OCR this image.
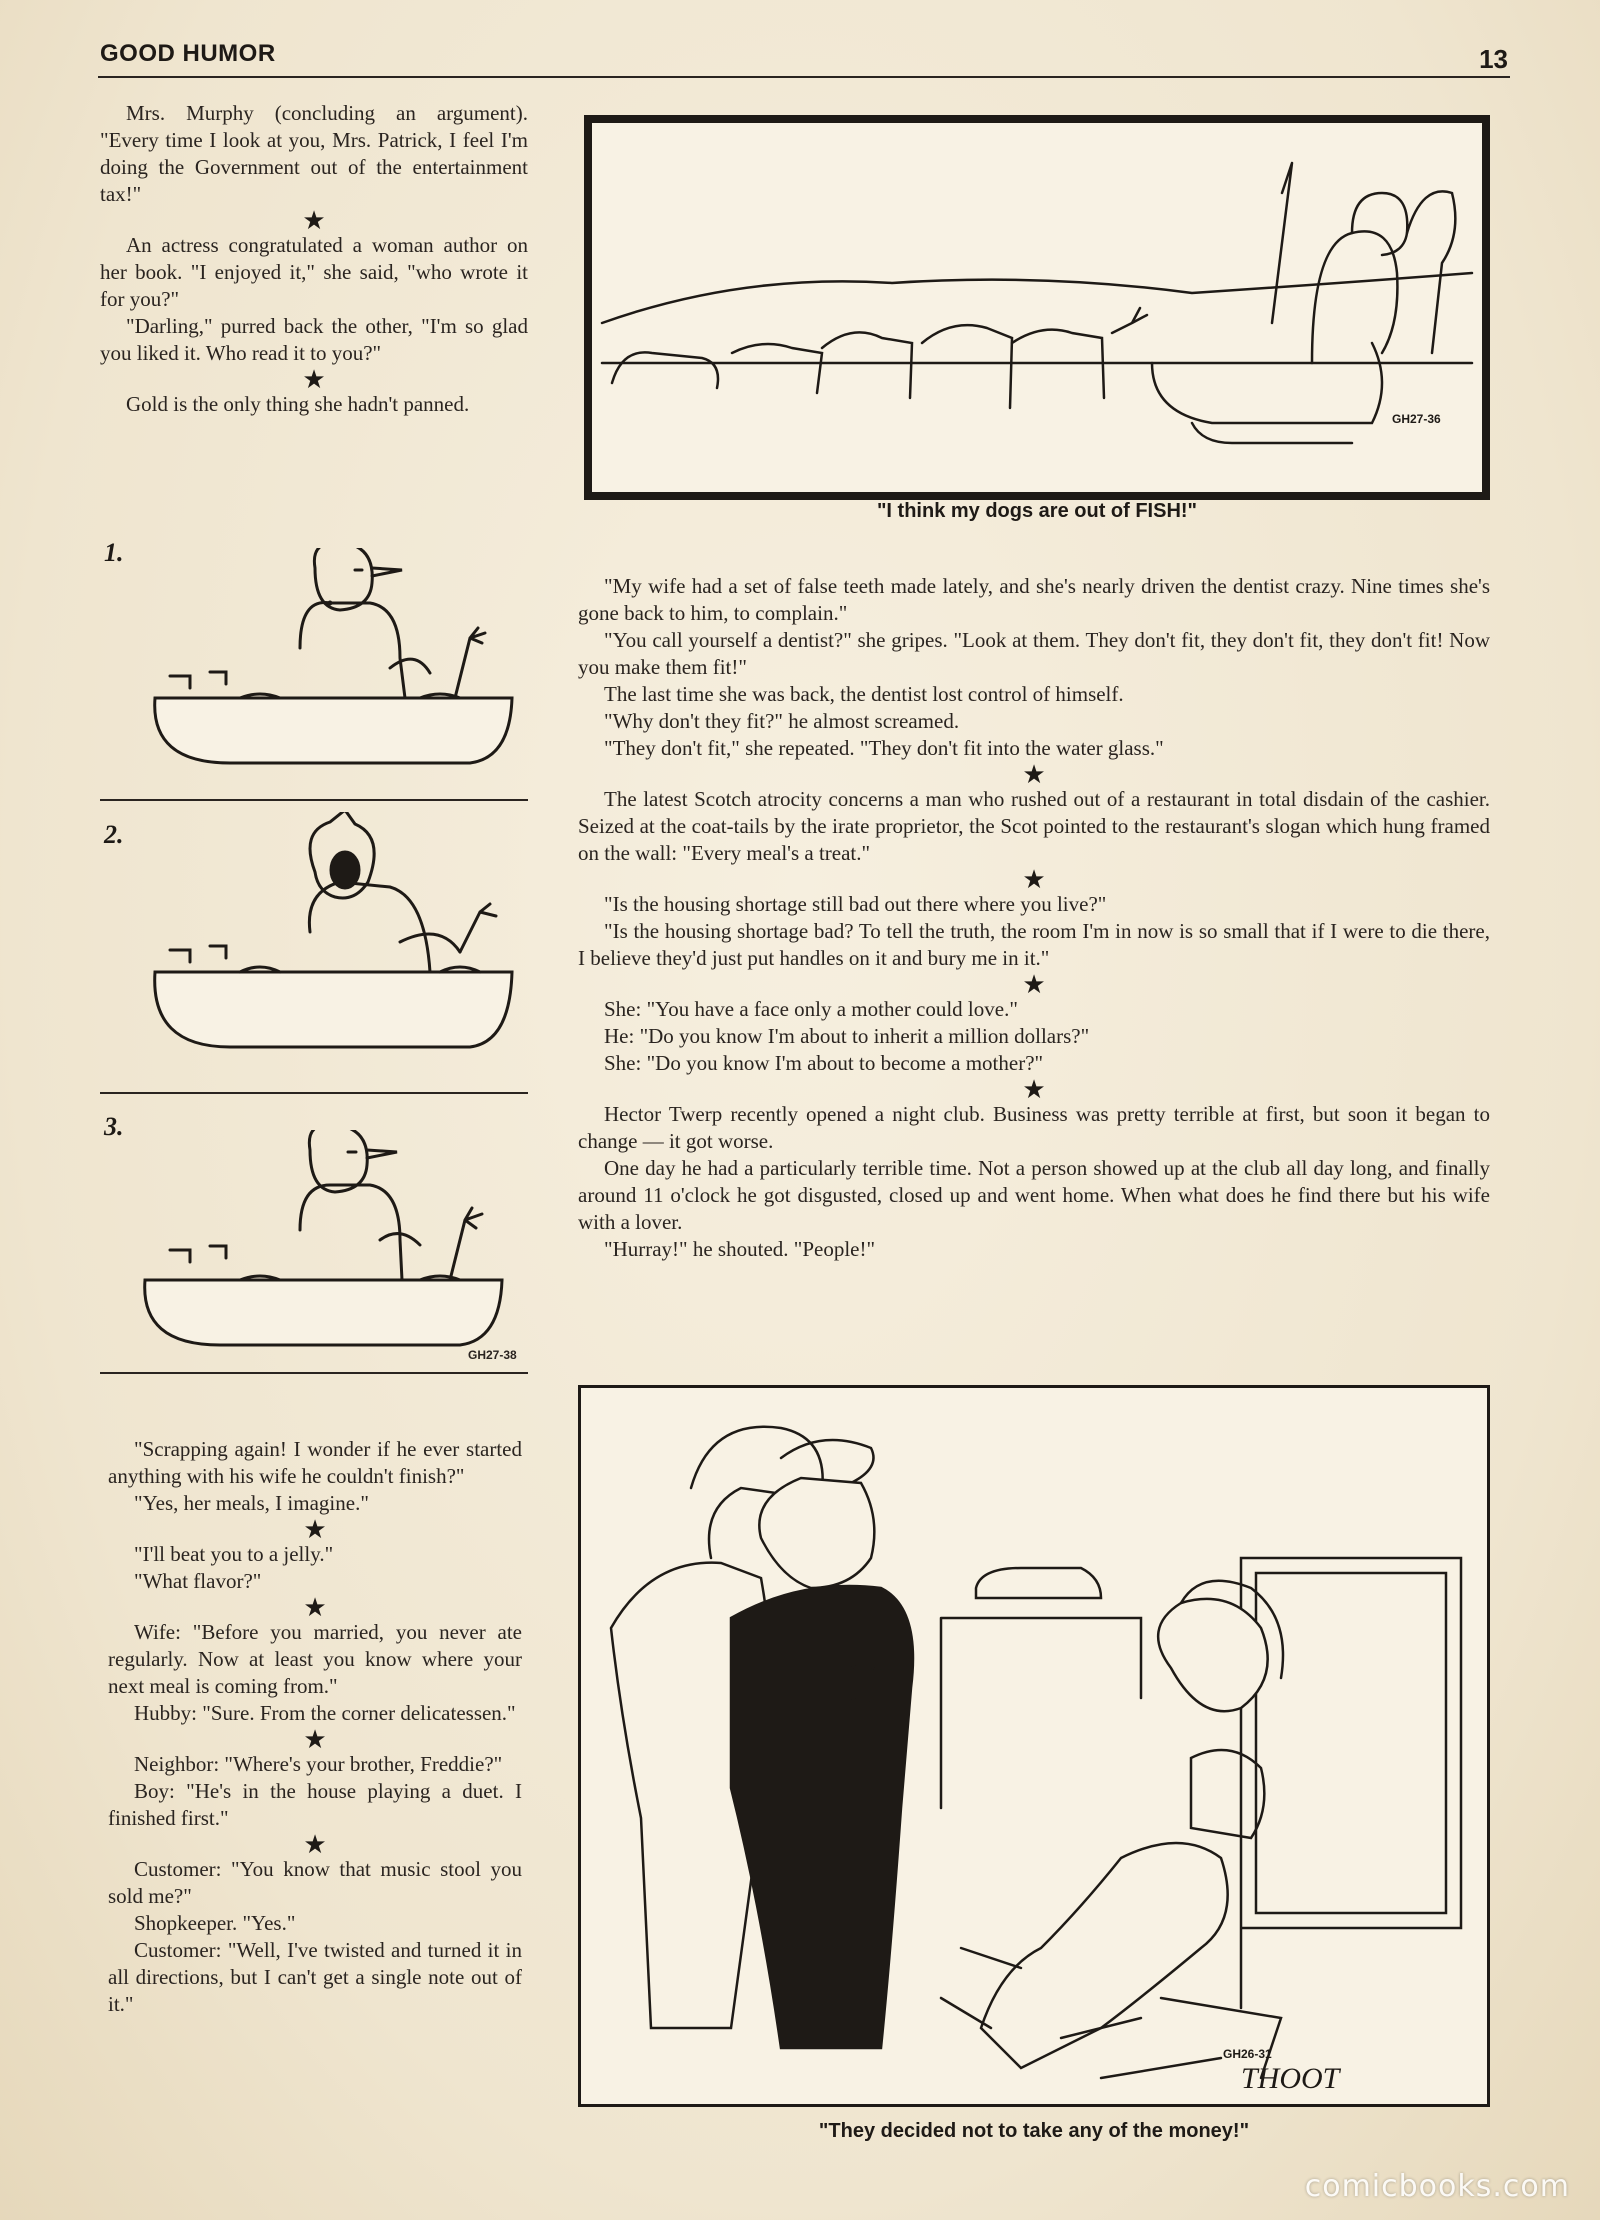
GOOD HUMOR	13

Mrs. Murphy (concluding an argument). "Every time I look at you, Mrs. Patrick, I feel I'm doing the Government out of the entertainment tax!"

★

An actress congratulated a woman author on her book. "I enjoyed it," she said, "who wrote it for you?"

"Darling," purred back the other, "I'm so glad you liked it. Who read it to you?"

★

Gold is the only thing she hadn't panned.

1.
2.
3.
GH27-38

"Scrapping again! I wonder if he ever started anything with his wife he couldn't finish?"

"Yes, her meals, I imagine."

★

"I'll beat you to a jelly."

"What flavor?"

★

Wife: "Before you married, you never ate regularly. Now at least you know where your next meal is coming from."

Hubby: "Sure. From the corner delicatessen."

★

Neighbor: "Where's your brother, Freddie?"

Boy: "He's in the house playing a duet. I finished first."

★

Customer: "You know that music stool you sold me?"

Shopkeeper. "Yes."

Customer: "Well, I've twisted and turned it in all directions, but I can't get a single note out of it."

GH27-36
"I think my dogs are out of FISH!"

"My wife had a set of false teeth made lately, and she's nearly driven the dentist crazy. Nine times she's gone back to him, to complain."

"You call yourself a dentist?" she gripes. "Look at them. They don't fit, they don't fit, they don't fit! Now you make them fit!"

The last time she was back, the dentist lost control of himself.

"Why don't they fit?" he almost screamed.

"They don't fit," she repeated. "They don't fit into the water glass."

★

The latest Scotch atrocity concerns a man who rushed out of a restaurant in total disdain of the cashier. Seized at the coat-tails by the irate proprietor, the Scot pointed to the restaurant's slogan which hung framed on the wall: "Every meal's a treat."

★

"Is the housing shortage still bad out there where you live?"

"Is the housing shortage bad? To tell the truth, the room I'm in now is so small that if I were to die there, I believe they'd just put handles on it and bury me in it."

★

She: "You have a face only a mother could love."

He: "Do you know I'm about to inherit a million dollars?"

She: "Do you know I'm about to become a mother?"

★

Hector Twerp recently opened a night club. Business was pretty terrible at first, but soon it began to change — it got worse.

One day he had a particularly terrible time. Not a person showed up at the club all day long, and finally around 11 o'clock he got disgusted, closed up and went home. When what does he find there but his wife with a lover.

"Hurray!" he shouted. "People!"

GH26-31
THOOT
"They decided not to take any of the money!"
comicbooks.com
